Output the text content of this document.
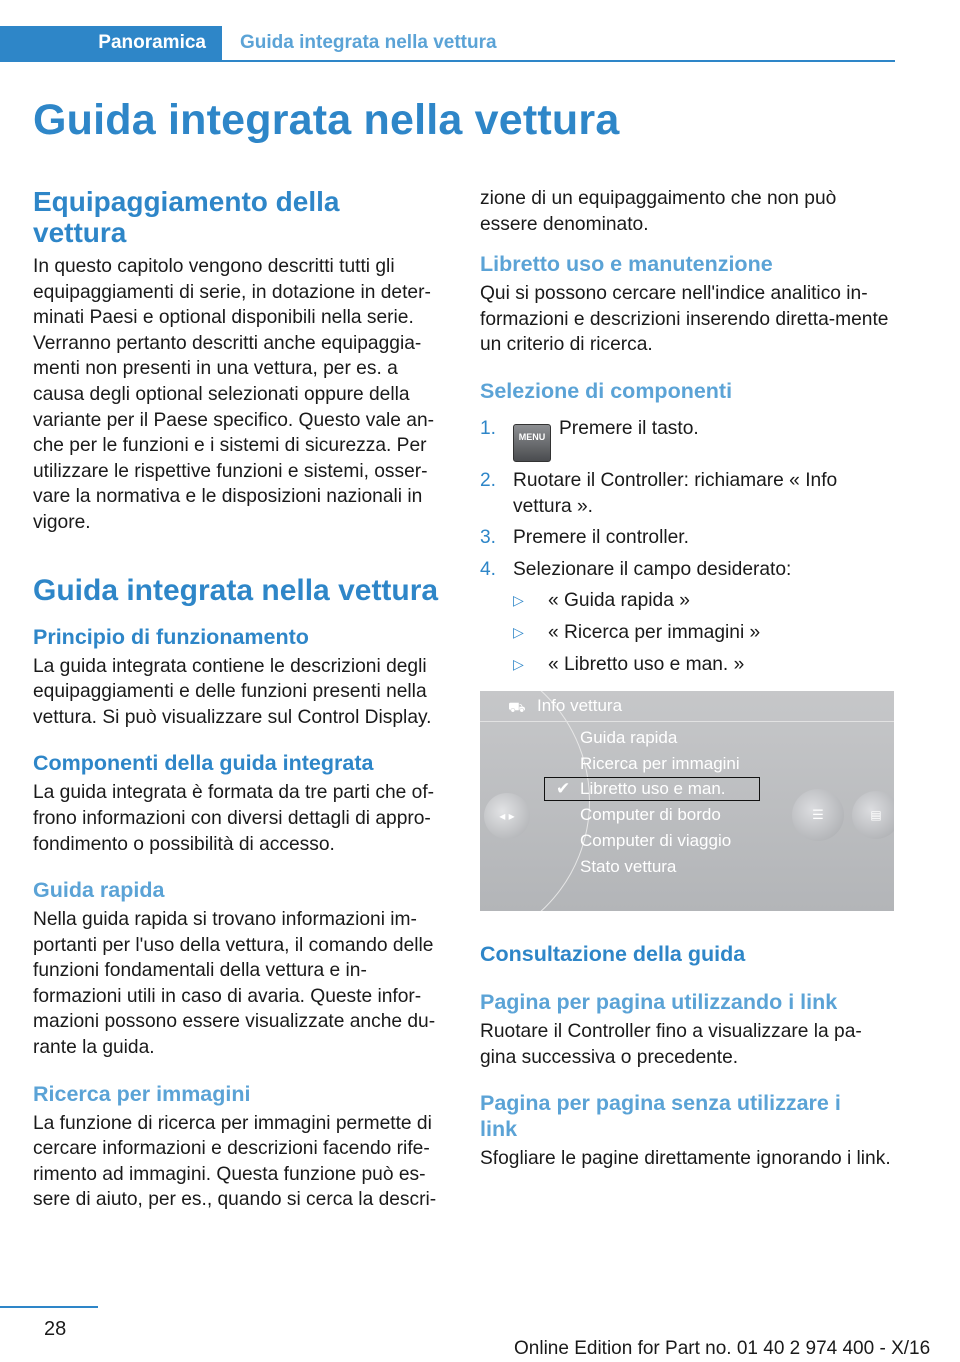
Panoramica	Guida integrata nella vettura
Guida integrata nella vettura
Equipaggiamento della vettura

In questo capitolo vengono descritti tutti gli equipaggiamenti di serie, in dotazione in deter-minati Paesi e optional disponibili nella serie. Verranno pertanto descritti anche equipaggia-menti non presenti in una vettura, per es. a causa degli optional selezionati oppure della variante per il Paese specifico. Questo vale an-che per le funzioni e i sistemi di sicurezza. Per utilizzare le rispettive funzioni e sistemi, osser-vare la normativa e le disposizioni nazionali in vigore.

Guida integrata nella vettura
Principio di funzionamento

La guida integrata contiene le descrizioni degli equipaggiamenti e delle funzioni presenti nella vettura. Si può visualizzare sul Control Display.

Componenti della guida integrata

La guida integrata è formata da tre parti che of-frono informazioni con diversi dettagli di appro-fondimento o possibilità di accesso.

Guida rapida

Nella guida rapida si trovano informazioni im-portanti per l'uso della vettura, il comando delle funzioni fondamentali della vettura e in-formazioni utili in caso di avaria. Queste infor-mazioni possono essere visualizzate anche du-rante la guida.

Ricerca per immagini

La funzione di ricerca per immagini permette di cercare informazioni e descrizioni facendo rife-rimento ad immagini. Questa funzione può es-sere di aiuto, per es., quando si cerca la descri-

zione di un equipaggaimento che non può essere denominato.

Libretto uso e manutenzione

Qui si possono cercare nell'indice analitico in-formazioni e descrizioni inserendo diretta-mente un criterio di ricerca.

Selezione di componenti
1.	MENU Premere il tasto.
2. Ruotare il Controller: richiamare « Info vettura ».
3. Premere il controller.
4. Selezionare il campo desiderato:
▷ « Guida rapida »
▷ « Ricerca per immagini »
▷ « Libretto uso e man. »
⛟ Info vettura
◂ ▸
Guida rapida
Ricerca per immagini
✔ Libretto uso e man.
Computer di bordo
Computer di viaggio
Stato vettura
☰	▤
Consultazione della guida
Pagina per pagina utilizzando i link

Ruotare il Controller fino a visualizzare la pa-gina successiva o precedente.

Pagina per pagina senza utilizzare i link

Sfogliare le pagine direttamente ignorando i link.

28
Online Edition for Part no. 01 40 2 974 400 - X/16
